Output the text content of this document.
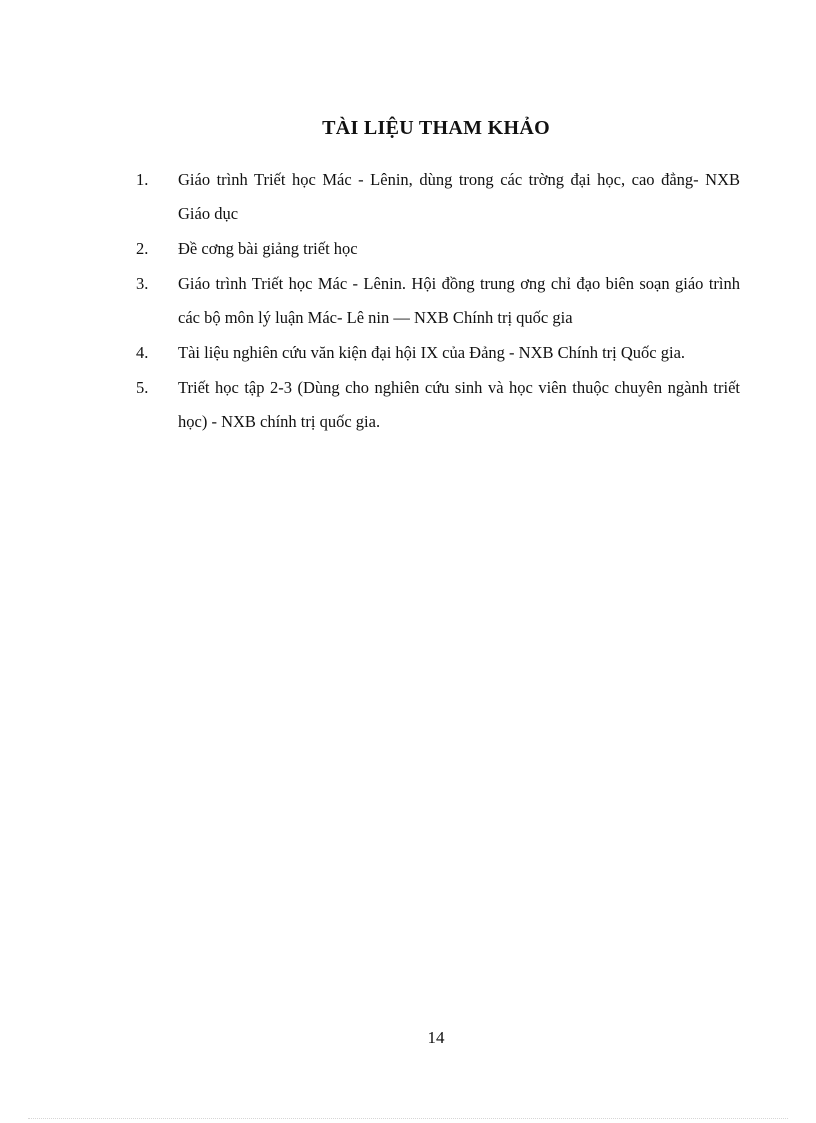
TÀI LIỆU THAM KHẢO
1. Giáo trình Triết học Mác - Lênin, dùng trong các trờng đại học, cao đẳng- NXB Giáo dục
2. Đề cơng bài giảng triết học
3. Giáo trình Triết học Mác - Lênin. Hội đồng trung ơng chỉ đạo biên soạn giáo trình các bộ môn lý luận Mác- Lê nin — NXB Chính trị quốc gia
4. Tài liệu nghiên cứu văn kiện đại hội IX của Đảng - NXB Chính trị Quốc gia.
5. Triết học tập 2-3 (Dùng cho nghiên cứu sinh và học viên thuộc chuyên ngành triết học) - NXB chính trị quốc gia.
14
